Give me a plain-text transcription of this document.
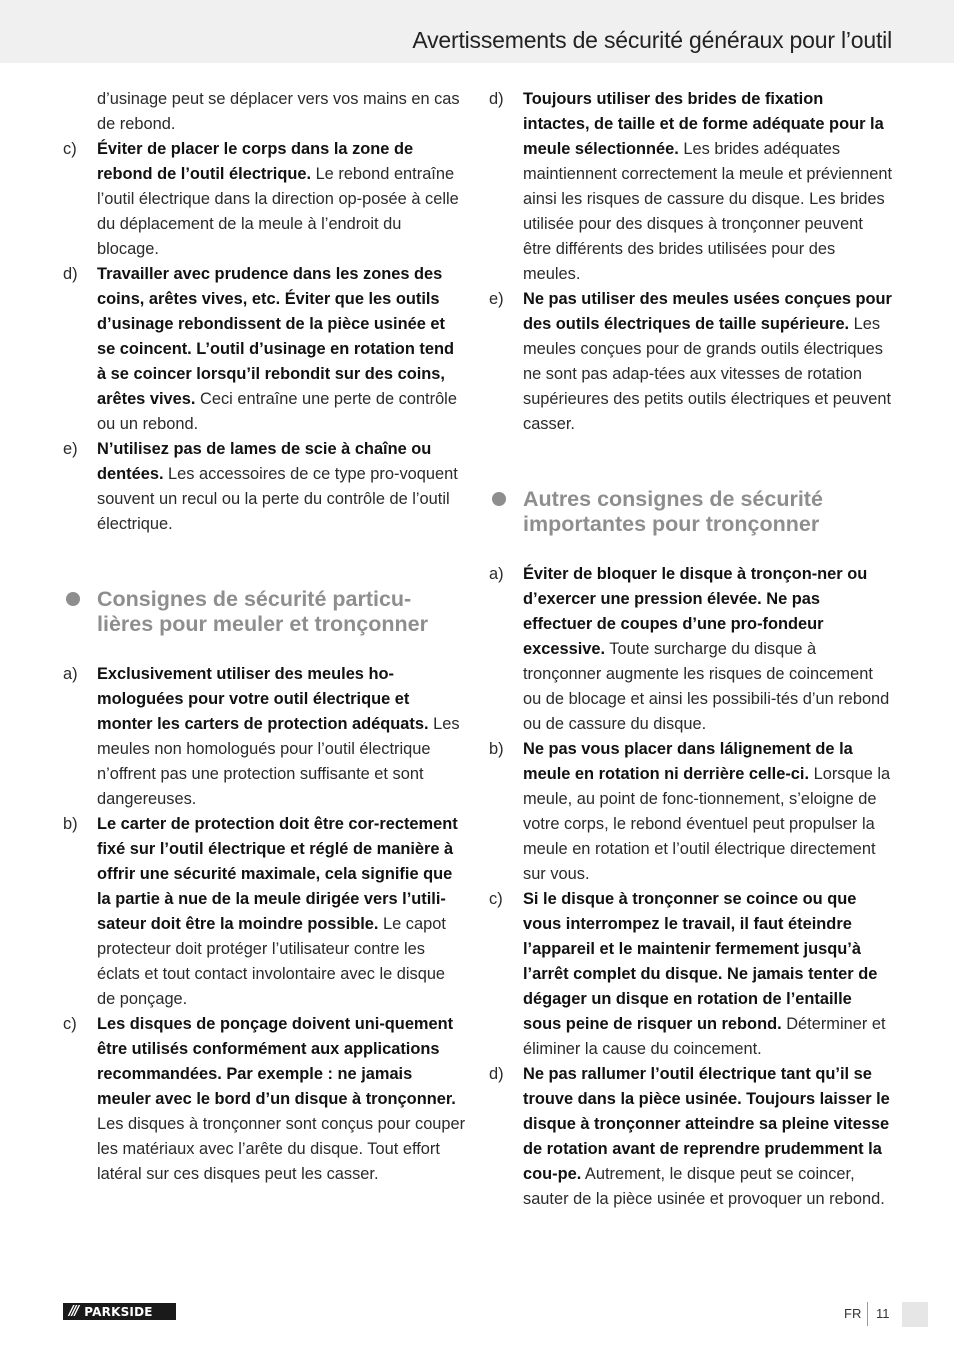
Avertissements de sécurité généraux pour l’outil
d’usinage peut se déplacer vers vos mains en cas de rebond.
c) Éviter de placer le corps dans la zone de rebond de l’outil électrique. Le rebond entraîne l’outil électrique dans la direction op-posée à celle du déplacement de la meule à l’endroit du blocage.
d) Travailler avec prudence dans les zones des coins, arêtes vives, etc. Éviter que les outils d’usinage rebondissent de la pièce usinée et se coincent. L’outil d’usinage en rotation tend à se coincer lorsqu’il rebondit sur des coins, arêtes vives. Ceci entraîne une perte de contrôle ou un rebond.
e) N’utilisez pas de lames de scie à chaîne ou dentées. Les accessoires de ce type pro-voquent souvent un recul ou la perte du contrôle de l’outil électrique.
Consignes de sécurité particu-lières pour meuler et tronçonner
a) Exclusivement utiliser des meules ho-mologuées pour votre outil électrique et monter les carters de protection adéquats. Les meules non homologués pour l’outil électrique n’offrent pas une protection suffisante et sont dangereuses.
b) Le carter de protection doit être cor-rectement fixé sur l’outil électrique et réglé de manière à offrir une sécurité maximale, cela signifie que la partie à nue de la meule dirigée vers l’utili-sateur doit être la moindre possible. Le capot protecteur doit protéger l’utilisateur contre les éclats et tout contact involontaire avec le disque de ponçage.
c) Les disques de ponçage doivent uni-quement être utilisés conformément aux applications recommandées. Par exemple : ne jamais meuler avec le bord d’un disque à tronçonner. Les disques à tronçonner sont conçus pour couper les matériaux avec l’arête du disque. Tout effort latéral sur ces disques peut les casser.
d) Toujours utiliser des brides de fixation intactes, de taille et de forme adéquate pour la meule sélectionnée. Les brides adéquates maintiennent correctement la meule et préviennent ainsi les risques de cassure du disque. Les brides utilisée pour des disques à tronçonner peuvent être différents des brides utilisées pour des meules.
e) Ne pas utiliser des meules usées conçues pour des outils électriques de taille supérieure. Les meules conçues pour de grands outils électriques ne sont pas adap-tées aux vitesses de rotation supérieures des petits outils électriques et peuvent casser.
Autres consignes de sécurité importantes pour tronçonner
a) Éviter de bloquer le disque à tronçon-ner ou d’exercer une pression élevée. Ne pas effectuer de coupes d’une pro-fondeur excessive. Toute surcharge du disque à tronçonner augmente les risques de coincement ou de blocage et ainsi les possibili-tés d’un rebond ou de cassure du disque.
b) Ne pas vous placer dans lálignement de la meule en rotation ni derrière celle-ci. Lorsque la meule, au point de fonc-tionnement, s’eloigne de votre corps, le rebond éventuel peut propulser la meule en rotation et l’outil électrique directement sur vous.
c) Si le disque à tronçonner se coince ou que vous interrompez le travail, il faut éteindre l’appareil et le maintenir fermement jusqu’à l’arrêt complet du disque. Ne jamais tenter de dégager un disque en rotation de l’entaille sous peine de risquer un rebond. Déterminer et éliminer la cause du coincement.
d) Ne pas rallumer l’outil électrique tant qu’il se trouve dans la pièce usinée. Toujours laisser le disque à tronçonner atteindre sa pleine vitesse de rotation avant de reprendre prudemment la cou-pe. Autrement, le disque peut se coincer, sauter de la pièce usinée et provoquer un rebond.
/// PARKSIDE	FR 11
